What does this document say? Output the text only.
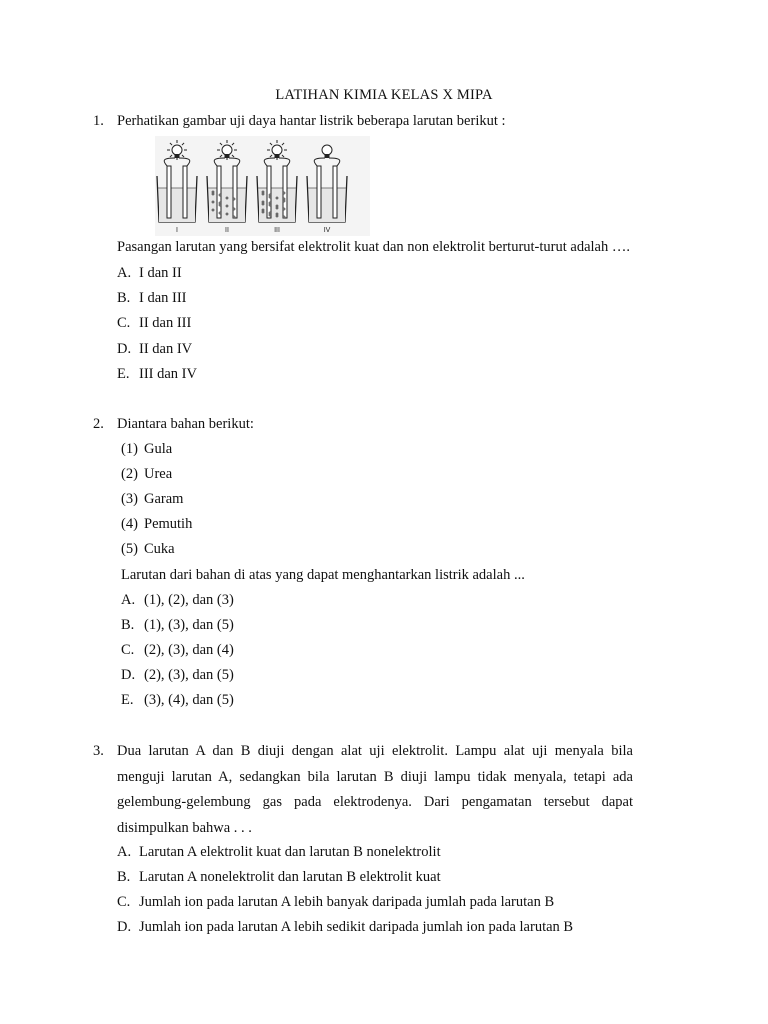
LATIHAN KIMIA KELAS X MIPA
1. Perhatikan gambar uji daya hantar listrik beberapa larutan berikut :
I	II	III	IV
Pasangan larutan yang bersifat elektrolit kuat dan non elektrolit berturut-turut adalah ….
A. I dan II
B. I dan III
C. II dan III
D. II dan IV
E. III dan IV
2. Diantara bahan berikut:
(1) Gula
(2) Urea
(3) Garam
(4) Pemutih
(5) Cuka
Larutan dari bahan di atas yang dapat menghantarkan listrik adalah ...
A. (1), (2), dan (3)
B. (1), (3), dan (5)
C. (2), (3), dan (4)
D. (2), (3), dan (5)
E. (3), (4), dan (5)
3. Dua larutan A dan B diuji dengan alat uji elektrolit. Lampu alat uji menyala bila
menguji larutan A, sedangkan bila larutan B diuji lampu tidak menyala, tetapi ada
gelembung-gelembung gas pada elektrodenya. Dari pengamatan tersebut dapat
disimpulkan bahwa . . .
A. Larutan A elektrolit kuat dan larutan B nonelektrolit
B. Larutan A nonelektrolit dan larutan B elektrolit kuat
C. Jumlah ion pada larutan A lebih banyak daripada jumlah pada larutan B
D. Jumlah ion pada larutan A lebih sedikit daripada jumlah ion pada larutan B
